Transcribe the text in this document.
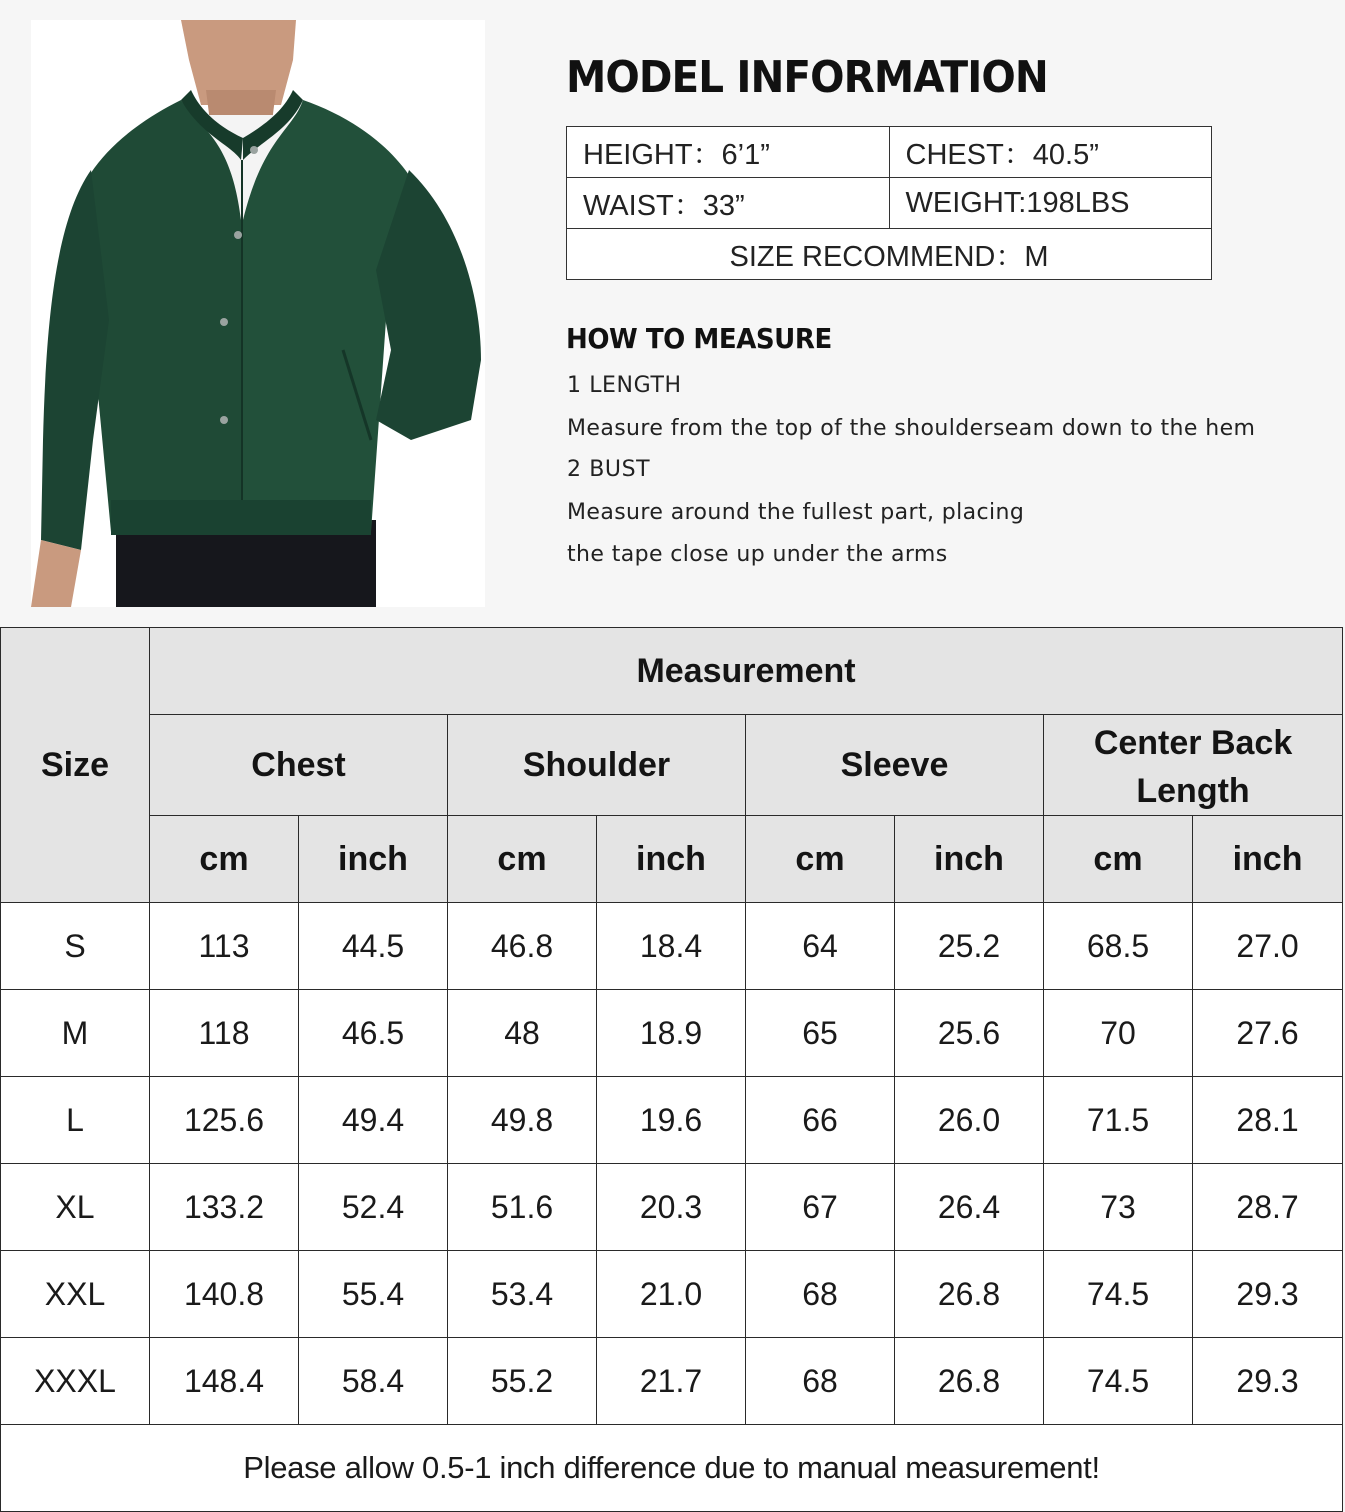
MODEL INFORMATION
HEIGHT：6’1”	CHEST：40.5”
WAIST：33”	WEIGHT:198LBS
SIZE RECOMMEND：M	
HOW TO MEASURE

1 LENGTH

Measure from the top of the shoulderseam down to the hem

2 BUST

Measure around the fullest part, placing

the tape close up under the arms

Size	Measurement							
	Chest		Shoulder		Sleeve		Center Back Length	
	cm	inch	cm	inch	cm	inch	cm	inch
S	113	44.5	46.8	18.4	64	25.2	68.5	27.0
M	118	46.5	48	18.9	65	25.6	70	27.6
L	125.6	49.4	49.8	19.6	66	26.0	71.5	28.1
XL	133.2	52.4	51.6	20.3	67	26.4	73	28.7
XXL	140.8	55.4	53.4	21.0	68	26.8	74.5	29.3
XXXL	148.4	58.4	55.2	21.7	68	26.8	74.5	29.3
Please allow 0.5-1 inch difference due to manual measurement!								
